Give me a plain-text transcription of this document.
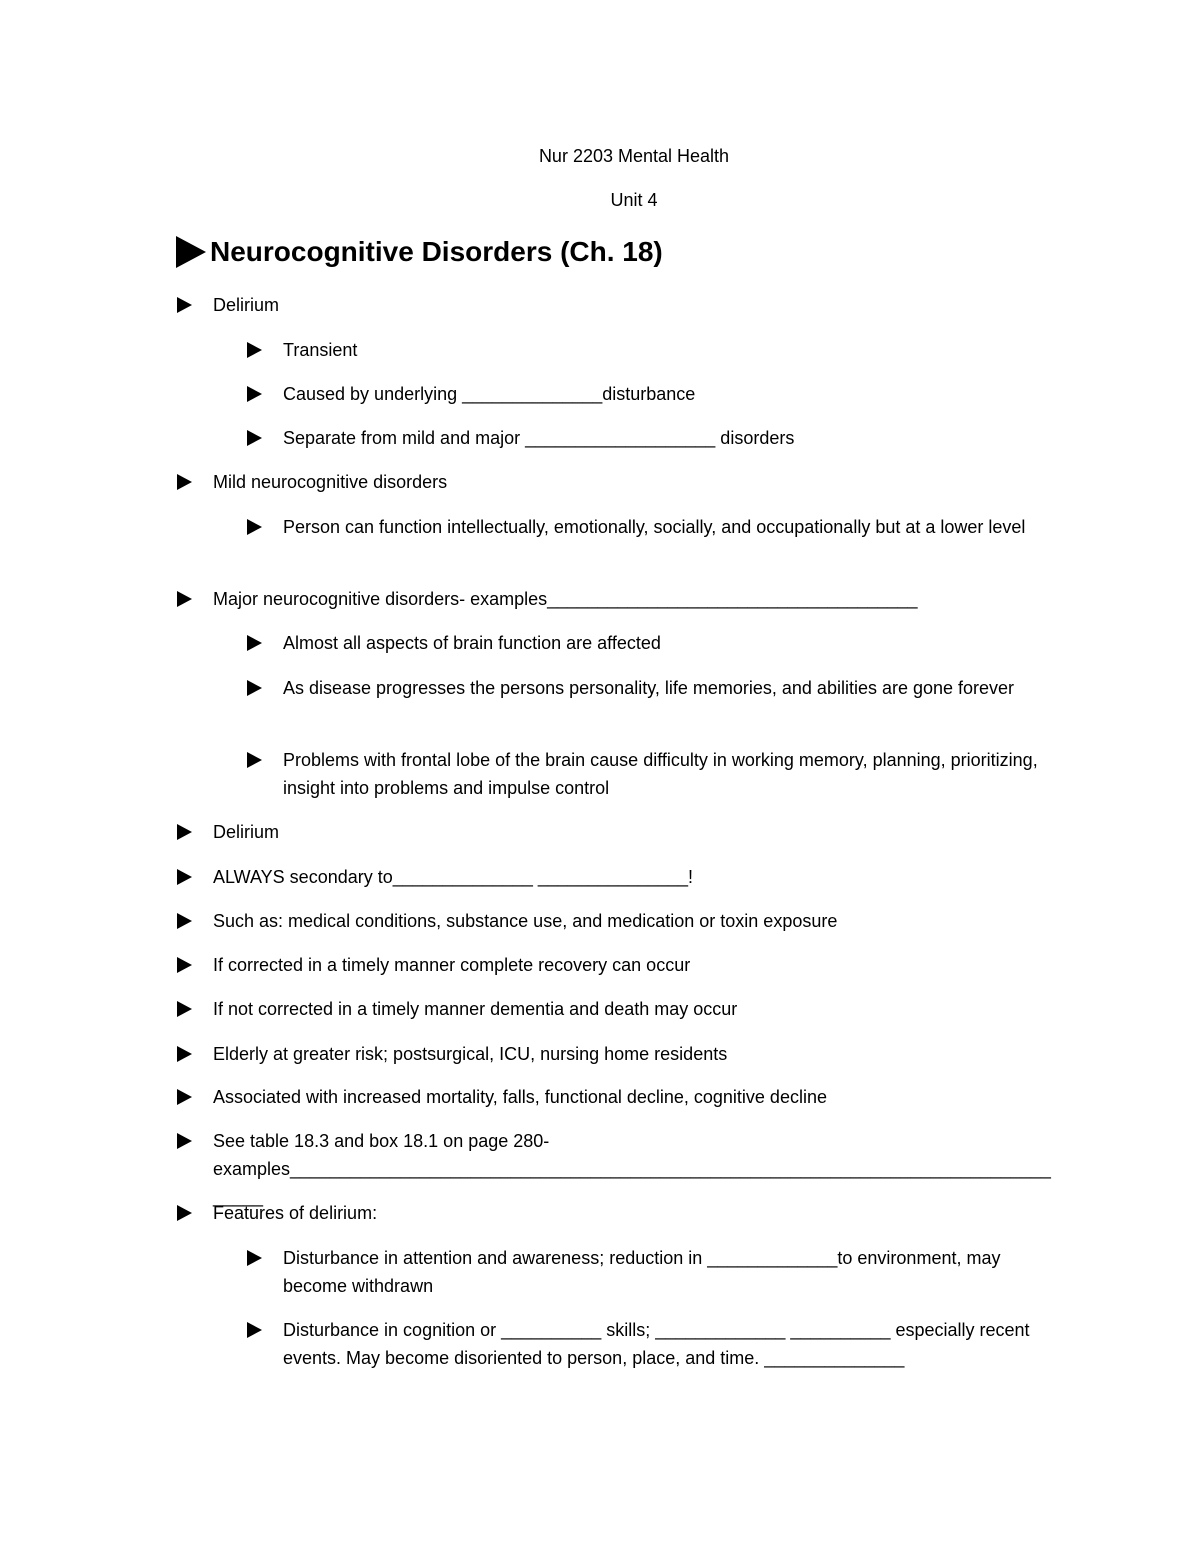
Nur 2203 Mental Health
Unit 4
Neurocognitive Disorders (Ch. 18)
Delirium
Transient
Caused by underlying ______________disturbance
Separate from mild and major ___________________ disorders
Mild neurocognitive disorders
Person can function intellectually, emotionally, socially, and occupationally but at a lower level
Major neurocognitive disorders- examples_____________________________________
Almost all aspects of brain function are affected
As disease progresses the persons personality, life memories, and abilities are gone forever
Problems with frontal lobe of the brain cause difficulty in working memory, planning, prioritizing, insight into problems and impulse control
Delirium
ALWAYS secondary to______________ _______________!
Such as: medical conditions, substance use, and medication or toxin exposure
If corrected in a timely manner complete recovery can occur
If not corrected in a timely manner dementia and death may occur
Elderly at greater risk; postsurgical, ICU, nursing home residents
Associated with increased mortality, falls, functional decline, cognitive decline
See table 18.3 and box 18.1 on page 280- examples_________________________________________________________________________________
Features of delirium:
Disturbance in attention and awareness; reduction in _____________to environment, may become withdrawn
Disturbance in cognition or __________ skills; _____________ __________ especially recent events. May become disoriented to person, place, and time. ______________
